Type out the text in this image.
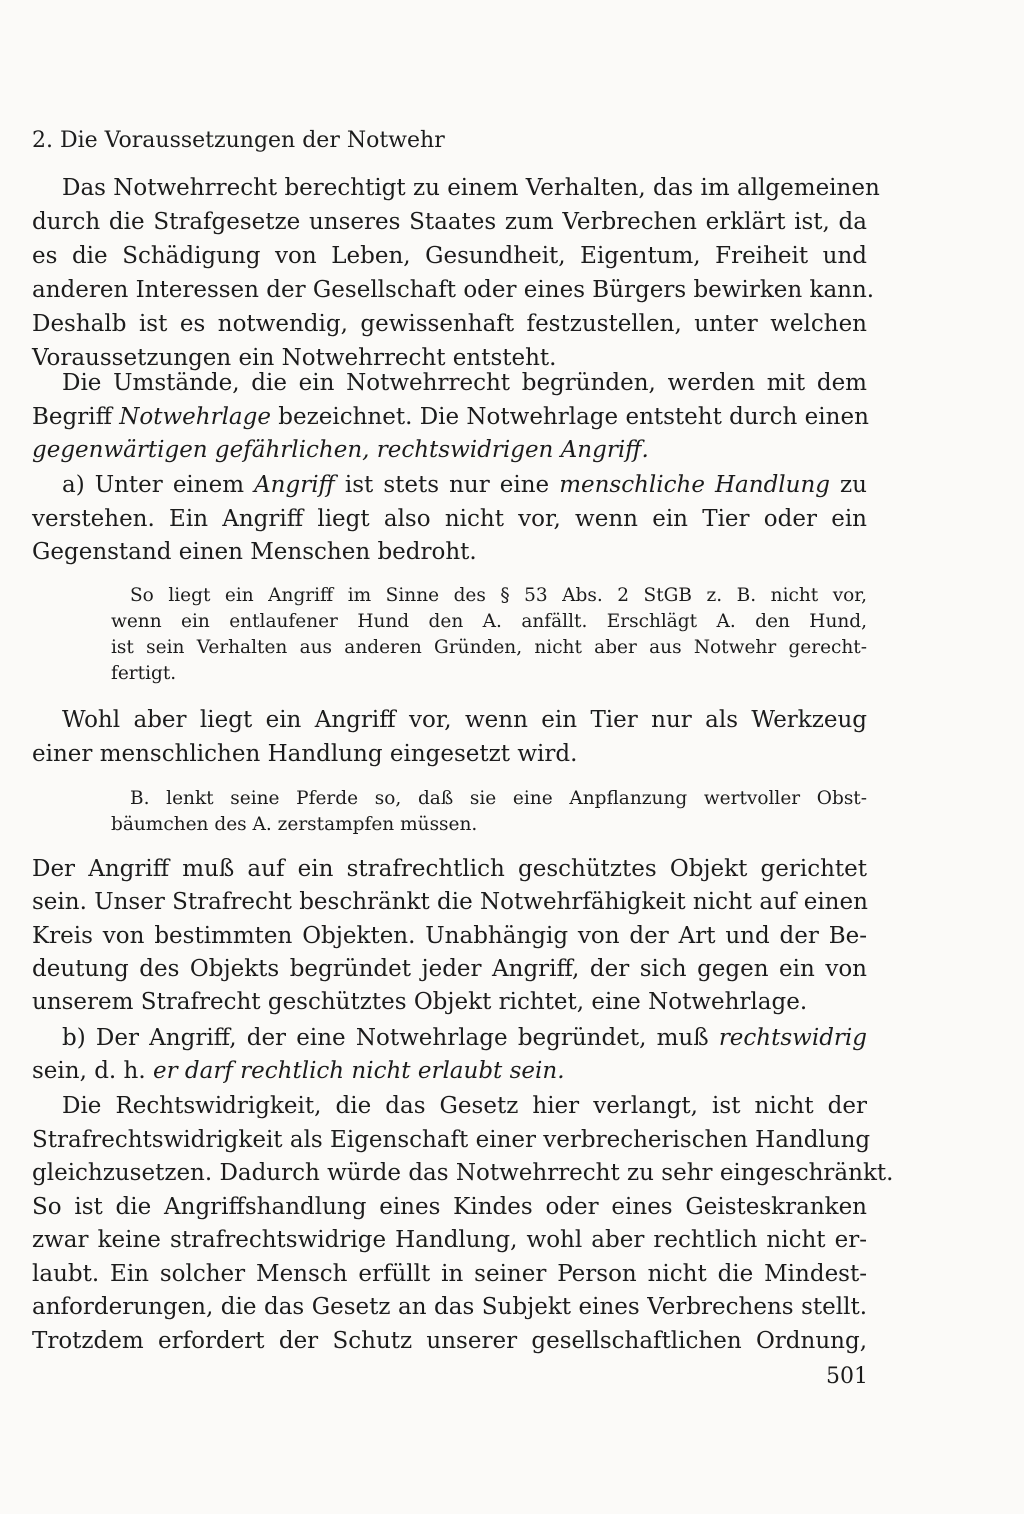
2. Die Voraussetzungen der Notwehr
Das Notwehrrecht berechtigt zu einem Verhalten, das im allgemeinen
durch die Strafgesetze unseres Staates zum Verbrechen erklärt ist, da
es die Schädigung von Leben, Gesundheit, Eigentum, Freiheit und
anderen Interessen der Gesellschaft oder eines Bürgers bewirken kann.
Deshalb ist es notwendig, gewissenhaft festzustellen, unter welchen
Voraussetzungen ein Notwehrrecht entsteht.
Die Umstände, die ein Notwehrrecht begründen, werden mit dem
Begriff Notwehrlage bezeichnet. Die Notwehrlage entsteht durch einen
gegenwärtigen gefährlichen, rechtswidrigen Angriff.
a) Unter einem Angriff ist stets nur eine menschliche Handlung zu
verstehen. Ein Angriff liegt also nicht vor, wenn ein Tier oder ein
Gegenstand einen Menschen bedroht.
So liegt ein Angriff im Sinne des § 53 Abs. 2 StGB z. B. nicht vor,
wenn ein entlaufener Hund den A. anfällt. Erschlägt A. den Hund,
ist sein Verhalten aus anderen Gründen, nicht aber aus Notwehr gerecht-
fertigt.
Wohl aber liegt ein Angriff vor, wenn ein Tier nur als Werkzeug
einer menschlichen Handlung eingesetzt wird.
B. lenkt seine Pferde so, daß sie eine Anpflanzung wertvoller Obst-
bäumchen des A. zerstampfen müssen.
Der Angriff muß auf ein strafrechtlich geschütztes Objekt gerichtet
sein. Unser Strafrecht beschränkt die Notwehrfähigkeit nicht auf einen
Kreis von bestimmten Objekten. Unabhängig von der Art und der Be-
deutung des Objekts begründet jeder Angriff, der sich gegen ein von
unserem Strafrecht geschütztes Objekt richtet, eine Notwehrlage.
b) Der Angriff, der eine Notwehrlage begründet, muß rechtswidrig
sein, d. h. er darf rechtlich nicht erlaubt sein.
Die Rechtswidrigkeit, die das Gesetz hier verlangt, ist nicht der
Strafrechtswidrigkeit als Eigenschaft einer verbrecherischen Handlung
gleichzusetzen. Dadurch würde das Notwehrrecht zu sehr eingeschränkt.
So ist die Angriffshandlung eines Kindes oder eines Geisteskranken
zwar keine strafrechtswidrige Handlung, wohl aber rechtlich nicht er-
laubt. Ein solcher Mensch erfüllt in seiner Person nicht die Mindest-
anforderungen, die das Gesetz an das Subjekt eines Verbrechens stellt.
Trotzdem erfordert der Schutz unserer gesellschaftlichen Ordnung,
501
